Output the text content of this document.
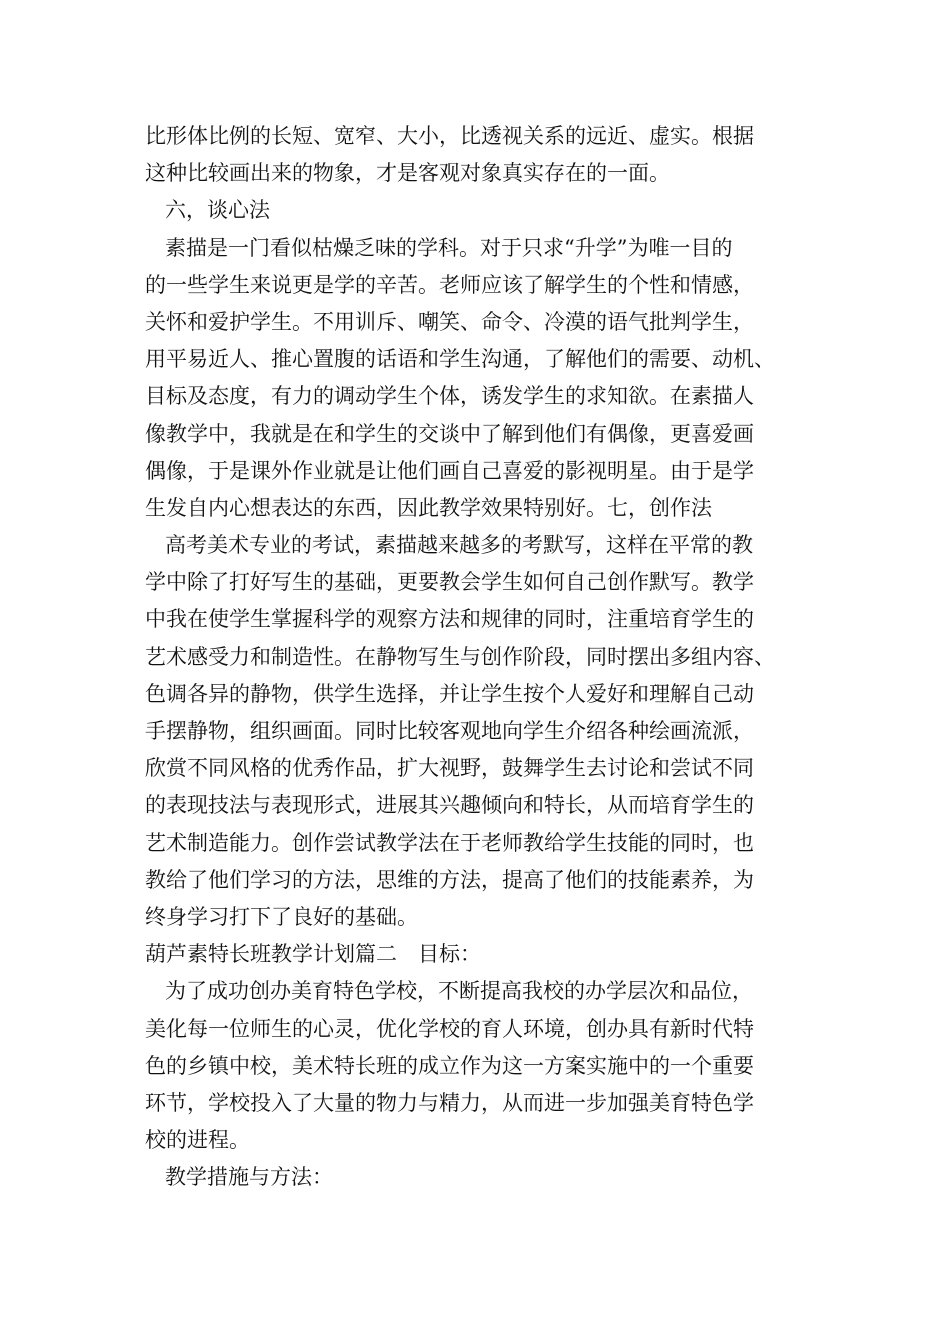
比形体比例的长短、宽窄、大小，比透视关系的远近、虚实。根据
这种比较画出来的物象，才是客观对象真实存在的一面。
六，谈心法
素描是一门看似枯燥乏味的学科。对于只求“升学”为唯一目的
的一些学生来说更是学的辛苦。老师应该了解学生的个性和情感，
关怀和爱护学生。不用训斥、嘲笑、命令、冷漠的语气批判学生，
用平易近人、推心置腹的话语和学生沟通，了解他们的需要、动机、
目标及态度，有力的调动学生个体，诱发学生的求知欲。在素描人
像教学中，我就是在和学生的交谈中了解到他们有偶像，更喜爱画
偶像，于是课外作业就是让他们画自己喜爱的影视明星。由于是学
生发自内心想表达的东西，因此教学效果特别好。七，创作法
高考美术专业的考试，素描越来越多的考默写，这样在平常的教
学中除了打好写生的基础，更要教会学生如何自己创作默写。教学
中我在使学生掌握科学的观察方法和规律的同时，注重培育学生的
艺术感受力和制造性。在静物写生与创作阶段，同时摆出多组内容、
色调各异的静物，供学生选择，并让学生按个人爱好和理解自己动
手摆静物，组织画面。同时比较客观地向学生介绍各种绘画流派，
欣赏不同风格的优秀作品，扩大视野，鼓舞学生去讨论和尝试不同
的表现技法与表现形式，进展其兴趣倾向和特长，从而培育学生的
艺术制造能力。创作尝试教学法在于老师教给学生技能的同时，也
教给了他们学习的方法，思维的方法，提高了他们的技能素养，为
终身学习打下了良好的基础。
葫芦素特长班教学计划篇二　目标：
为了成功创办美育特色学校，不断提高我校的办学层次和品位，
美化每一位师生的心灵，优化学校的育人环境，创办具有新时代特
色的乡镇中校，美术特长班的成立作为这一方案实施中的一个重要
环节，学校投入了大量的物力与精力，从而进一步加强美育特色学
校的进程。
教学措施与方法：
